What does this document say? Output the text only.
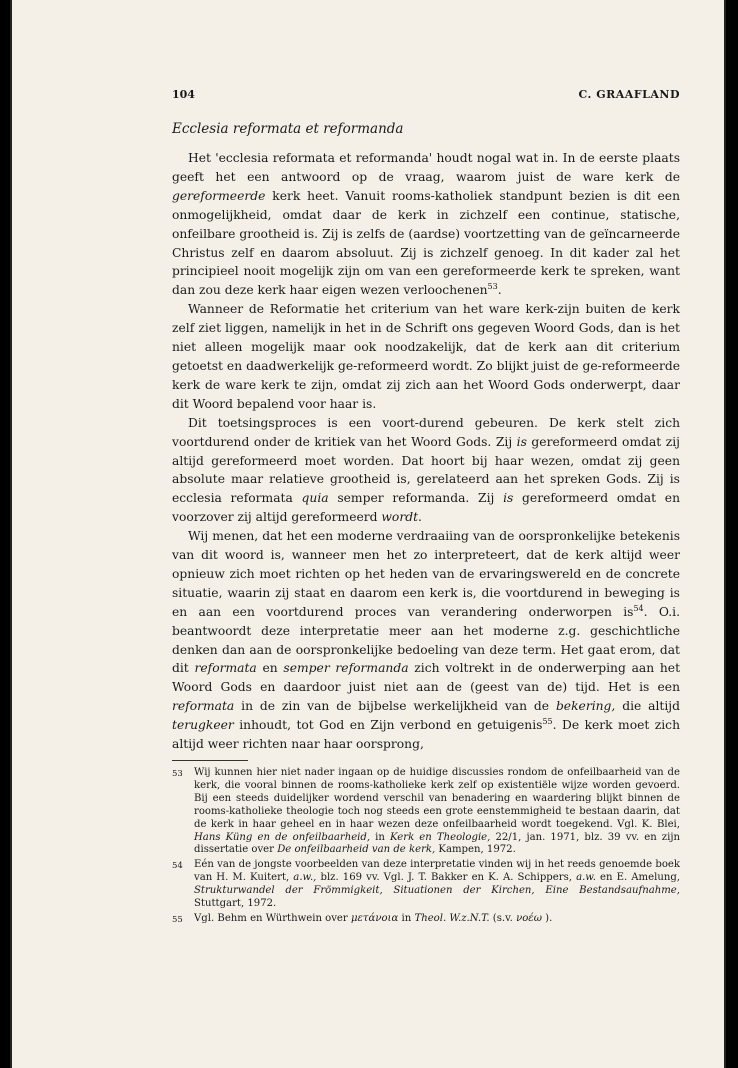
104	C. GRAAFLAND
Ecclesia reformata et reformanda

Het 'ecclesia reformata et reformanda' houdt nogal wat in. In de eerste plaats geeft het een antwoord op de vraag, waarom juist de ware kerk de gereformeerde kerk heet. Vanuit rooms-katholiek standpunt bezien is dit een onmogelijkheid, omdat daar de kerk in zichzelf een continue, statische, onfeilbare grootheid is. Zij is zelfs de (aardse) voortzetting van de geïncarneerde Christus zelf en daarom absoluut. Zij is zichzelf genoeg. In dit kader zal het principieel nooit mogelijk zijn om van een gereformeerde kerk te spreken, want dan zou deze kerk haar eigen wezen verloochenen$^{53}$.

Wanneer de Reformatie het criterium van het ware kerk-zijn buiten de kerk zelf ziet liggen, namelijk in het in de Schrift ons gegeven Woord Gods, dan is het niet alleen mogelijk maar ook noodzakelijk, dat de kerk aan dit criterium getoetst en daadwerkelijk ge-reformeerd wordt. Zo blijkt juist de ge-reformeerde kerk de ware kerk te zijn, omdat zij zich aan het Woord Gods onderwerpt, daar dit Woord bepalend voor haar is.

Dit toetsingsproces is een voort-durend gebeuren. De kerk stelt zich voortdurend onder de kritiek van het Woord Gods. Zij is gereformeerd omdat zij altijd gereformeerd moet worden. Dat hoort bij haar wezen, omdat zij geen absolute maar relatieve grootheid is, gerelateerd aan het spreken Gods. Zij is ecclesia reformata quia semper reformanda. Zij is gereformeerd omdat en voorzover zij altijd gereformeerd wordt.

Wij menen, dat het een moderne verdraaiing van de oorspronkelijke betekenis van dit woord is, wanneer men het zo interpreteert, dat de kerk altijd weer opnieuw zich moet richten op het heden van de ervaringswereld en de concrete situatie, waarin zij staat en daarom een kerk is, die voortdurend in beweging is en aan een voortdurend proces van verandering onderworpen is$^{54}$. O.i. beantwoordt deze interpretatie meer aan het moderne z.g. geschichtliche denken dan aan de oorspronkelijke bedoeling van deze term. Het gaat erom, dat dit reformata en semper reformanda zich voltrekt in de onderwerping aan het Woord Gods en daardoor juist niet aan de (geest van de) tijd. Het is een reformata in de zin van de bijbelse werkelijkheid van de bekering, die altijd terugkeer inhoudt, tot God en Zijn verbond en getuigenis$^{55}$. De kerk moet zich altijd weer richten naar haar oorsprong,

53	Wij kunnen hier niet nader ingaan op de huidige discussies rondom de onfeilbaarheid van de kerk, die vooral binnen de rooms-katholieke kerk zelf op existentiële wijze worden gevoerd. Bij een steeds duidelijker wordend verschil van benadering en waardering blijkt binnen de rooms-katholieke theologie toch nog steeds een grote eenstemmigheid te bestaan daarin, dat de kerk in haar geheel en in haar wezen deze onfeilbaarheid wordt toegekend. Vgl. K. Blei, Hans Küng en de onfeilbaarheid, in Kerk en Theologie, 22/1, jan. 1971, blz. 39 vv. en zijn dissertatie over De onfeilbaarheid van de kerk, Kampen, 1972.
54	Eén van de jongste voorbeelden van deze interpretatie vinden wij in het reeds genoemde boek van H. M. Kuitert, a.w., blz. 169 vv. Vgl. J. T. Bakker en K. A. Schippers, a.w. en E. Amelung, Strukturwandel der Frömmigkeit, Situationen der Kirchen, Eine Bestandsaufnahme, Stuttgart, 1972.
55	Vgl. Behm en Würthwein over μετάνοια in Theol. W.z.N.T. (s.v. νοέω ).
